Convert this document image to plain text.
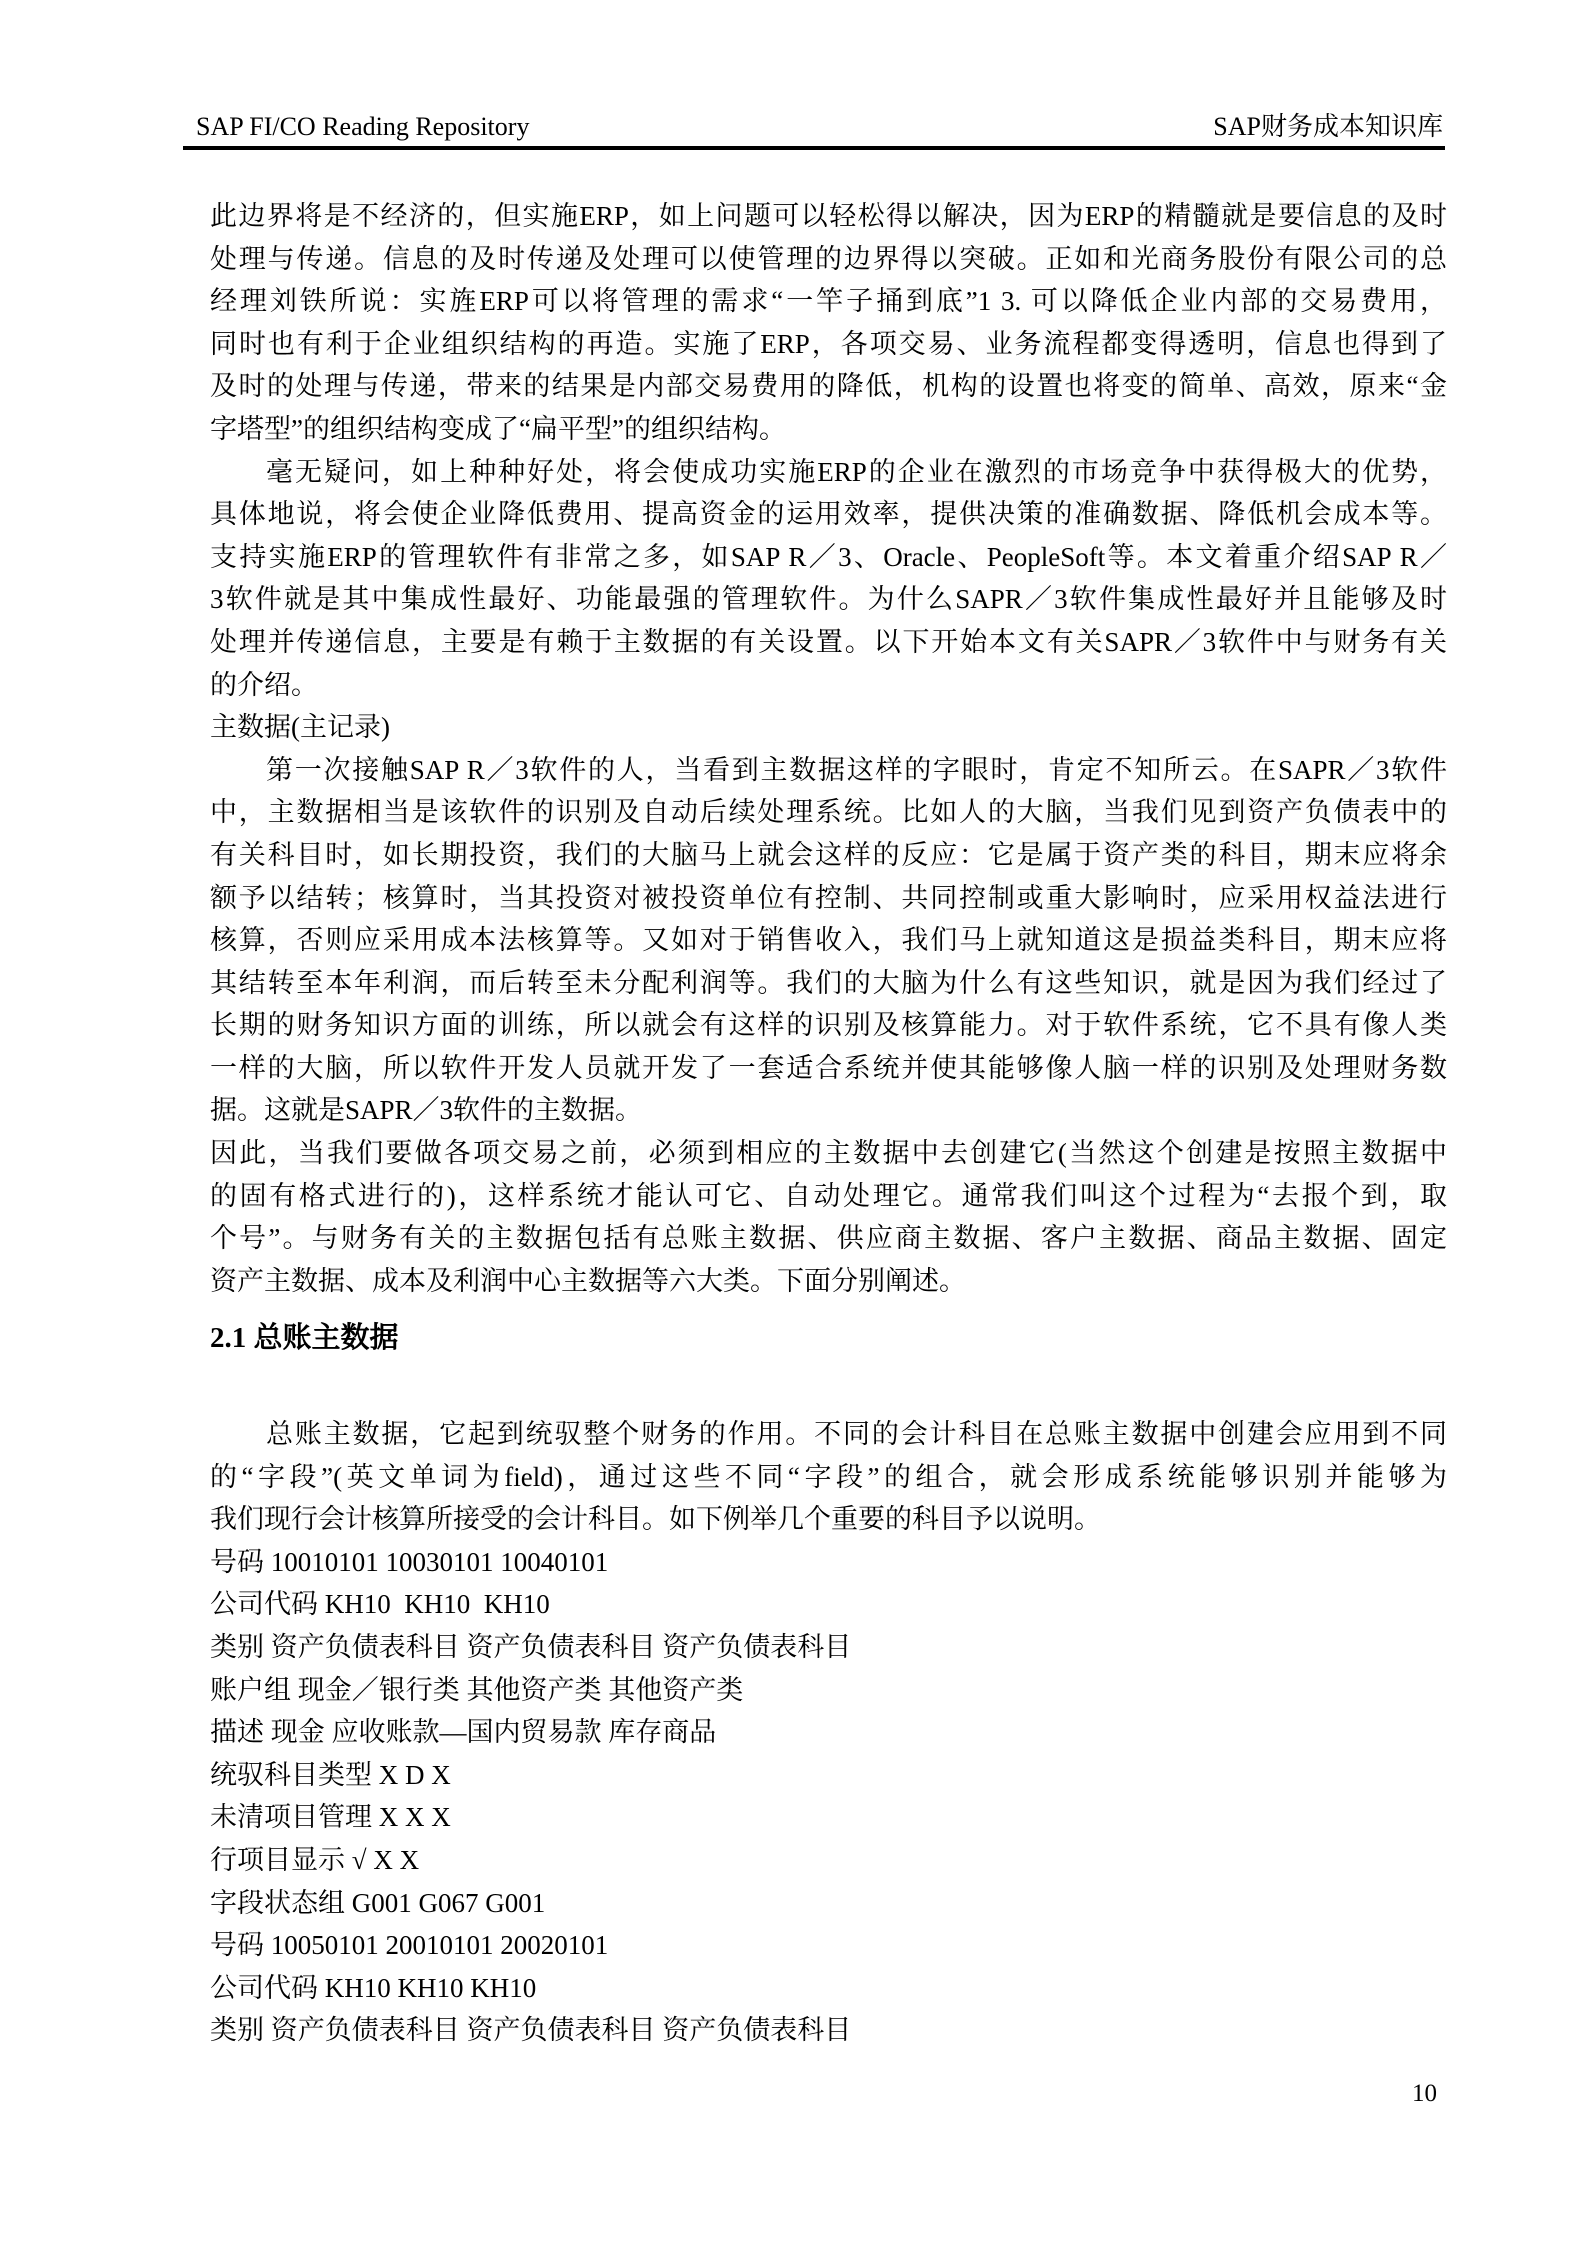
SAP FI/CO Reading Repository	SAP财务成本知识库
此边界将是不经济的，但实施ERP，如上问题可以轻松得以解决，因为ERP的精髓就是要信息的及时
处理与传递。信息的及时传递及处理可以使管理的边界得以突破。正如和光商务股份有限公司的总
经理刘铁所说：实旌ERP可以将管理的需求“一竿子捅到底”1 3. 可以降低企业内部的交易费用，
同时也有利于企业组织结构的再造。实施了ERP，各项交易、业务流程都变得透明，信息也得到了
及时的处理与传递，带来的结果是内部交易费用的降低，机构的设置也将变的简单、高效，原来“金
字塔型”的组织结构变成了“扁平型”的组织结构。
毫无疑问，如上种种好处，将会使成功实施ERP的企业在激烈的市场竞争中获得极大的优势，
具体地说，将会使企业降低费用、提高资金的运用效率，提供决策的准确数据、降低机会成本等。
支持实施ERP的管理软件有非常之多，如SAP R／3、Oracle、PeopleSoft等。本文着重介绍SAP R／
3软件就是其中集成性最好、功能最强的管理软件。为什么SAPR／3软件集成性最好并且能够及时
处理并传递信息，主要是有赖于主数据的有关设置。以下开始本文有关SAPR／3软件中与财务有关
的介绍。
主数据(主记录)
第一次接触SAP R／3软件的人，当看到主数据这样的字眼时，肯定不知所云。在SAPR／3软件
中，主数据相当是该软件的识别及自动后续处理系统。比如人的大脑，当我们见到资产负债表中的
有关科目时，如长期投资，我们的大脑马上就会这样的反应：它是属于资产类的科目，期末应将余
额予以结转；核算时，当其投资对被投资单位有控制、共同控制或重大影响时，应采用权益法进行
核算，否则应采用成本法核算等。又如对于销售收入，我们马上就知道这是损益类科目，期末应将
其结转至本年利润，而后转至未分配利润等。我们的大脑为什么有这些知识，就是因为我们经过了
长期的财务知识方面的训练，所以就会有这样的识别及核算能力。对于软件系统，它不具有像人类
一样的大脑，所以软件开发人员就开发了一套适合系统并使其能够像人脑一样的识别及处理财务数
据。这就是SAPR／3软件的主数据。
因此，当我们要做各项交易之前，必须到相应的主数据中去创建它(当然这个创建是按照主数据中
的固有格式进行的)，这样系统才能认可它、自动处理它。通常我们叫这个过程为“去报个到，取
个号”。与财务有关的主数据包括有总账主数据、供应商主数据、客户主数据、商品主数据、固定
资产主数据、成本及利润中心主数据等六大类。下面分别阐述。
2.1 总账主数据
总账主数据，它起到统驭整个财务的作用。不同的会计科目在总账主数据中创建会应用到不同
的“字段”(英文单词为field)，通过这些不同“字段”的组合，就会形成系统能够识别并能够为
我们现行会计核算所接受的会计科目。如下例举几个重要的科目予以说明。
号码 10010101 10030101 10040101
公司代码 KH10  KH10  KH10
类别 资产负债表科目 资产负债表科目 资产负债表科目
账户组 现金／银行类 其他资产类 其他资产类
描述 现金 应收账款—国内贸易款 库存商品
统驭科目类型 X D X
未清项目管理 X X X
行项目显示 √ X X
字段状态组 G001 G067 G001
号码 10050101 20010101 20020101
公司代码 KH10 KH10 KH10
类别 资产负债表科目 资产负债表科目 资产负债表科目
10
